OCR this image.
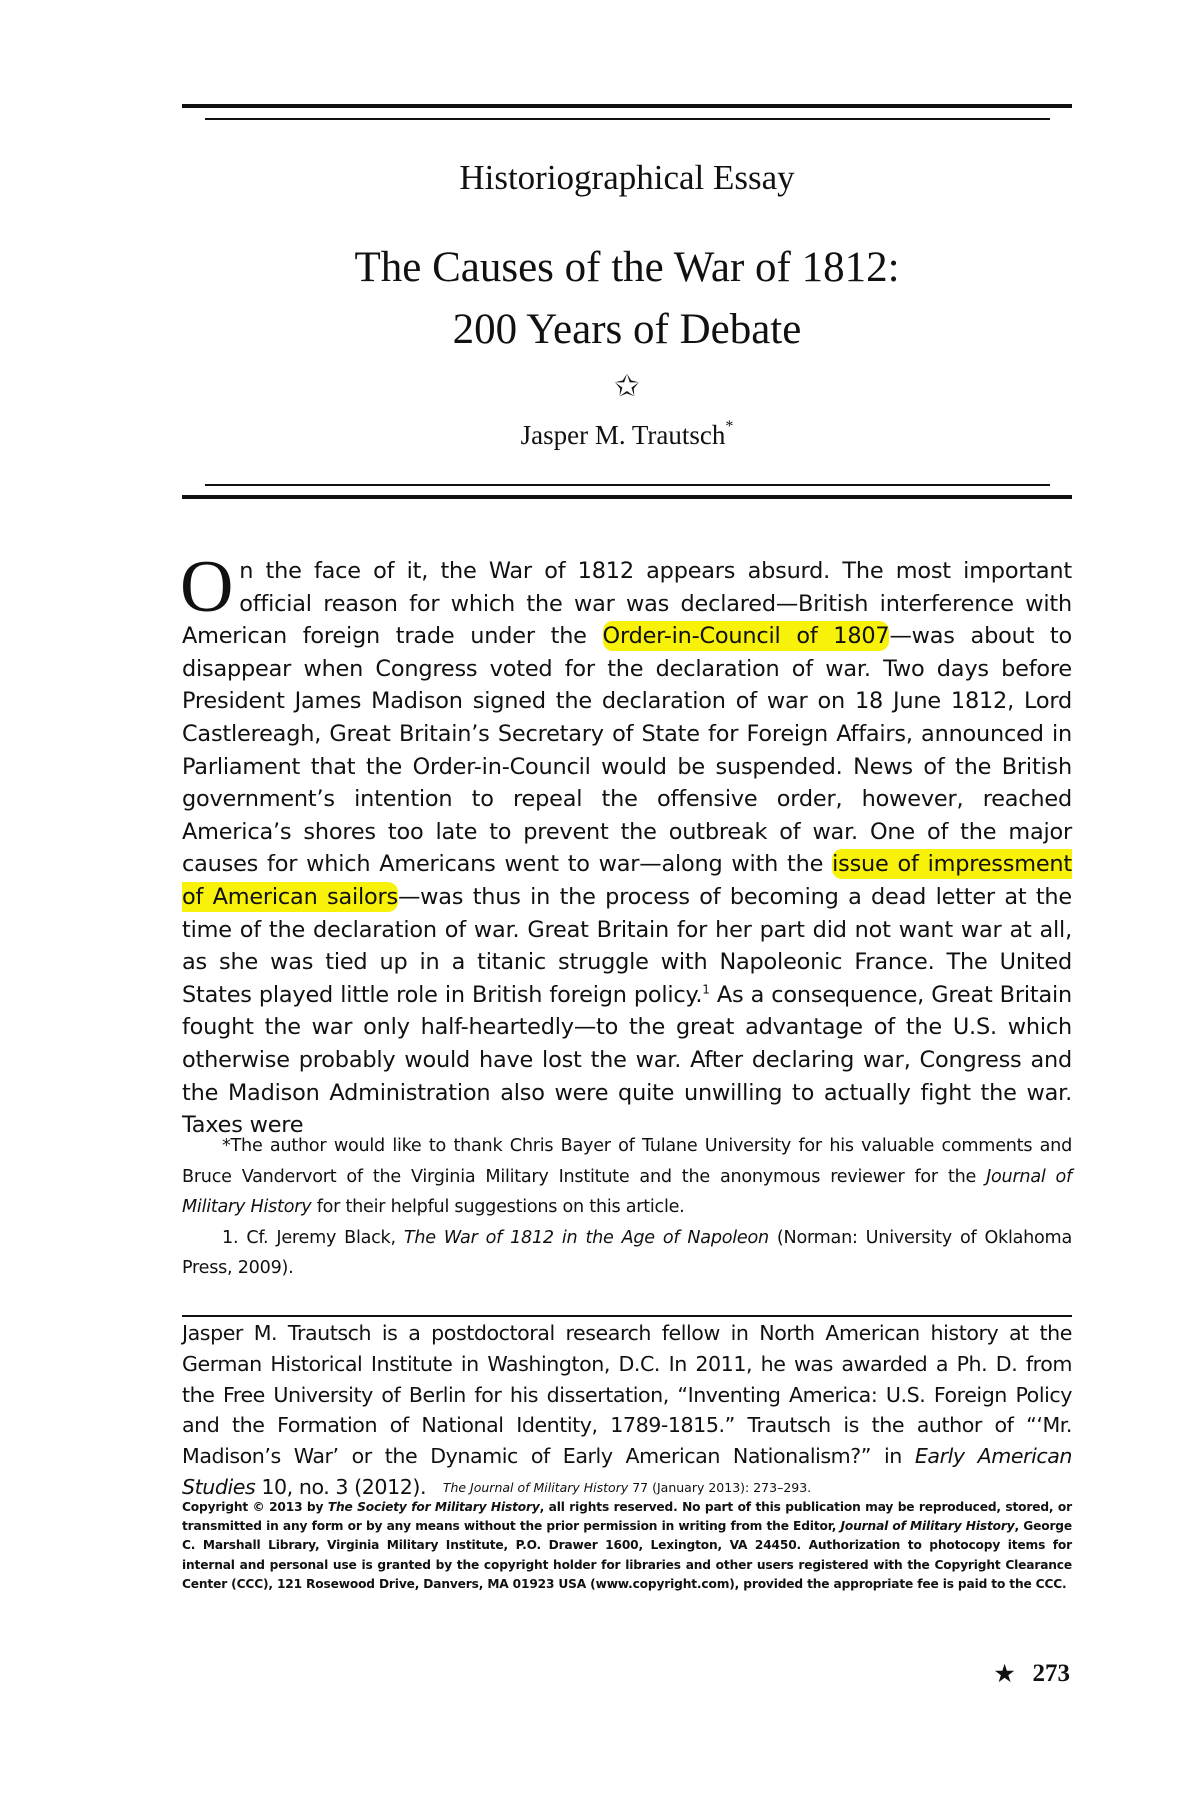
Historiographical Essay
The Causes of the War of 1812:
200 Years of Debate
✩
Jasper M. Trautsch*
On the face of it, the War of 1812 appears absurd. The most important official reason for which the war was declared—British interference with American foreign trade under the Order-in-Council of 1807—was about to disappear when Congress voted for the declaration of war. Two days before President James Madison signed the declaration of war on 18 June 1812, Lord Castlereagh, Great Britain’s Secretary of State for Foreign Affairs, announced in Parliament that the Order-in-Council would be suspended. News of the British government’s intention to repeal the offensive order, however, reached America’s shores too late to prevent the outbreak of war. One of the major causes for which Americans went to war—along with the issue of impressment of American sailors—was thus in the process of becoming a dead letter at the time of the declaration of war. Great Britain for her part did not want war at all, as she was tied up in a titanic struggle with Napoleonic France. The United States played little role in British foreign policy.$^1$ As a consequence, Great Britain fought the war only half-heartedly—to the great advantage of the U.S. which otherwise probably would have lost the war. After declaring war, Congress and the Madison Administration also were quite unwilling to actually fight the war. Taxes were

*The author would like to thank Chris Bayer of Tulane University for his valuable comments and Bruce Vandervort of the Virginia Military Institute and the anonymous reviewer for the Journal of Military History for their helpful suggestions on this article.

1. Cf. Jeremy Black, The War of 1812 in the Age of Napoleon (Norman: University of Oklahoma Press, 2009).

Jasper M. Trautsch is a postdoctoral research fellow in North American history at the German Historical Institute in Washington, D.C. In 2011, he was awarded a Ph. D. from the Free University of Berlin for his dissertation, “Inventing America: U.S. Foreign Policy and the Formation of National Identity, 1789-1815.” Trautsch is the author of “‘Mr. Madison’s War’ or the Dynamic of Early American Nationalism?” in Early American Studies 10, no. 3 (2012).	The Journal of Military History 77 (January 2013): 273–293.
Copyright © 2013 by The Society for Military History, all rights reserved. No part of this publication may be reproduced, stored, or transmitted in any form or by any means without the prior permission in writing from the Editor, Journal of Military History, George C. Marshall Library, Virginia Military Institute, P.O. Drawer 1600, Lexington, VA 24450. Authorization to photocopy items for internal and personal use is granted by the copyright holder for libraries and other users registered with the Copyright Clearance Center (CCC), 121 Rosewood Drive, Danvers, MA 01923 USA (www.copyright.com), provided the appropriate fee is paid to the CCC.
★ 273
